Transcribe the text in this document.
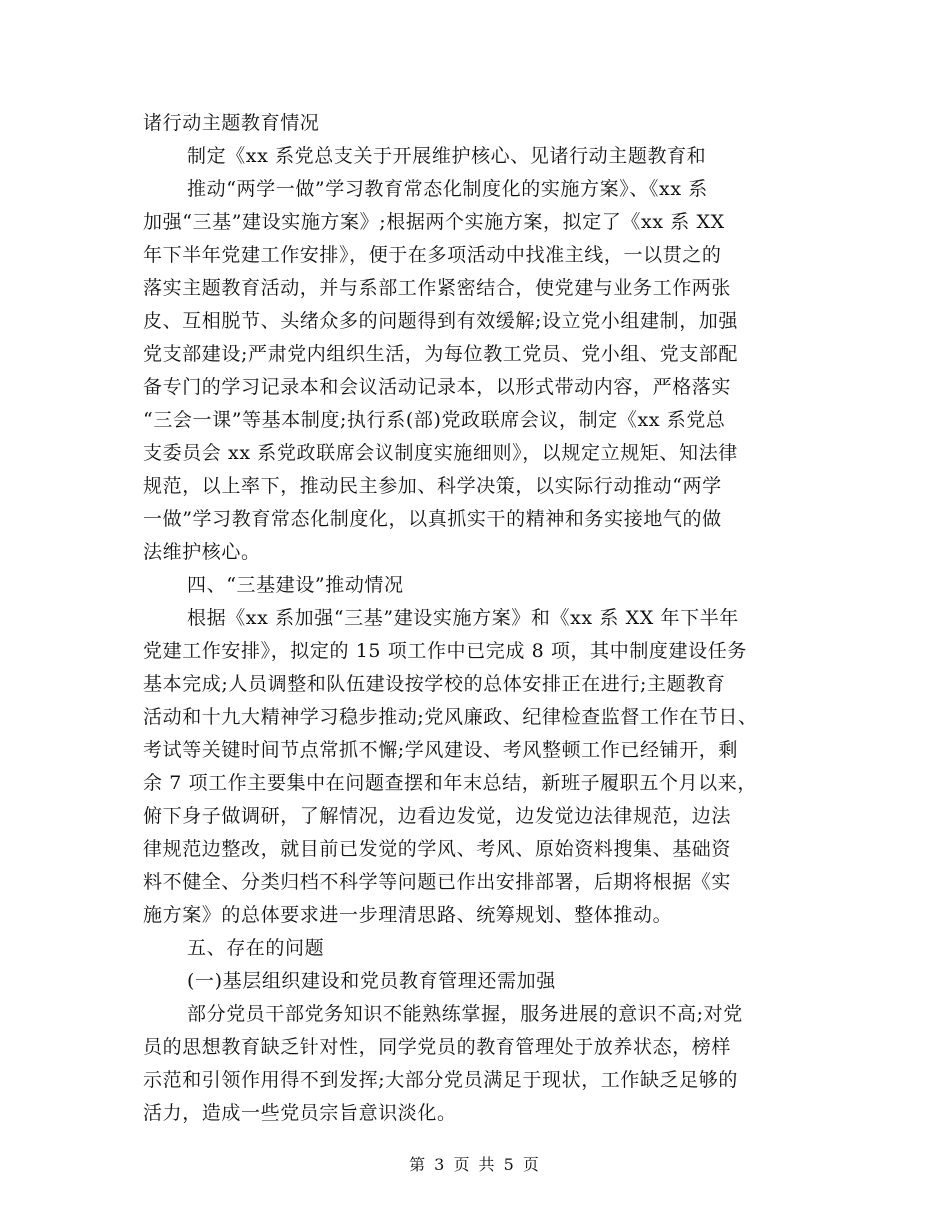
诸行动主题教育情况
制定《xx 系党总支关于开展维护核心、见诸行动主题教育和
推动“两学一做”学习教育常态化制度化的实施方案》、《xx 系
加强“三基”建设实施方案》;根据两个实施方案，拟定了《xx 系 XX
年下半年党建工作安排》，便于在多项活动中找准主线，一以贯之的
落实主题教育活动，并与系部工作紧密结合，使党建与业务工作两张
皮、互相脱节、头绪众多的问题得到有效缓解;设立党小组建制，加强
党支部建设;严肃党内组织生活，为每位教工党员、党小组、党支部配
备专门的学习记录本和会议活动记录本，以形式带动内容，严格落实
“三会一课”等基本制度;执行系(部)党政联席会议，制定《xx 系党总
支委员会 xx 系党政联席会议制度实施细则》，以规定立规矩、知法律
规范，以上率下，推动民主参加、科学决策，以实际行动推动“两学
一做”学习教育常态化制度化，以真抓实干的精神和务实接地气的做
法维护核心。
四、“三基建设”推动情况
根据《xx 系加强“三基”建设实施方案》和《xx 系 XX 年下半年
党建工作安排》，拟定的 15 项工作中已完成 8 项，其中制度建设任务
基本完成;人员调整和队伍建设按学校的总体安排正在进行;主题教育
活动和十九大精神学习稳步推动;党风廉政、纪律检查监督工作在节日、
考试等关键时间节点常抓不懈;学风建设、考风整顿工作已经铺开，剩
余 7 项工作主要集中在问题查摆和年末总结，新班子履职五个月以来，
俯下身子做调研，了解情况，边看边发觉，边发觉边法律规范，边法
律规范边整改，就目前已发觉的学风、考风、原始资料搜集、基础资
料不健全、分类归档不科学等问题已作出安排部署，后期将根据《实
施方案》的总体要求进一步理清思路、统筹规划、整体推动。
五、存在的问题
(一)基层组织建设和党员教育管理还需加强
部分党员干部党务知识不能熟练掌握，服务进展的意识不高;对党
员的思想教育缺乏针对性，同学党员的教育管理处于放养状态，榜样
示范和引领作用得不到发挥;大部分党员满足于现状，工作缺乏足够的
活力，造成一些党员宗旨意识淡化。
第 3 页 共 5 页
